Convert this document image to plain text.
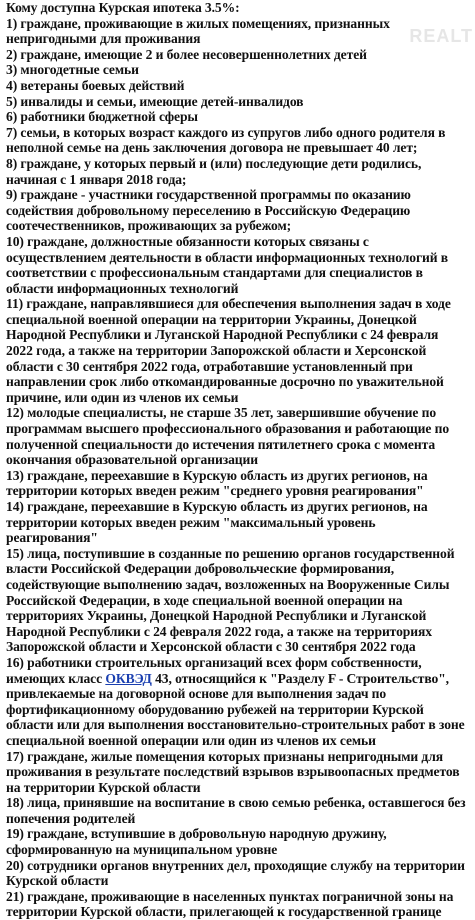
REALT
Кому доступна Курская ипотека 3.5%:
1) граждане, проживающие в жилых помещениях, признанных
непригодными для проживания
2) граждане, имеющие 2 и более несовершеннолетних детей
3) многодетные семьи
4) ветераны боевых действий
5) инвалиды и семьи, имеющие детей-инвалидов
6) работники бюджетной сферы
7) семьи, в которых возраст каждого из супругов либо одного родителя в
неполной семье на день заключения договора не превышает 40 лет;
8) граждане, у которых первый и (или) последующие дети родились,
начиная с 1 января 2018 года;
9) граждане - участники государственной программы по оказанию
содействия добровольному переселению в Российскую Федерацию
соотечественников, проживающих за рубежом;
10) граждане, должностные обязанности которых связаны с
осуществлением деятельности в области информационных технологий в
соответствии с профессиональным стандартами для специалистов в
области информационных технологий
11) граждане, направлявшиеся для обеспечения выполнения задач в ходе
специальной военной операции на территории Украины, Донецкой
Народной Республики и Луганской Народной Республики с 24 февраля
2022 года, а также на территории Запорожской области и Херсонской
области с 30 сентября 2022 года, отработавшие установленный при
направлении срок либо откомандированные досрочно по уважительной
причине, или один из членов их семьи
12) молодые специалисты, не старше 35 лет, завершившие обучение по
программам высшего профессионального образования и работающие по
полученной специальности до истечения пятилетнего срока с момента
окончания образовательной организации
13) граждане, переехавшие в Курскую область из других регионов, на
территории которых введен режим "среднего уровня реагирования"
14) граждане, переехавшие в Курскую область из других регионов, на
территории которых введен режим "максимальный уровень
реагирования"
15) лица, поступившие в созданные по решению органов государственной
власти Российской Федерации добровольческие формирования,
содействующие выполнению задач, возложенных на Вооруженные Силы
Российской Федерации, в ходе специальной военной операции на
территориях Украины, Донецкой Народной Республики и Луганской
Народной Республики с 24 февраля 2022 года, а также на территориях
Запорожской области и Херсонской области с 30 сентября 2022 года
16) работники строительных организаций всех форм собственности,
имеющих класс ОКВЭД 43, относящийся к "Разделу F - Строительство",
привлекаемые на договорной основе для выполнения задач по
фортификационному оборудованию рубежей на территории Курской
области или для выполнения восстановительно-строительных работ в зоне
специальной военной операции или один из членов их семьи
17) граждане, жилые помещения которых признаны непригодными для
проживания в результате последствий взрывов взрывоопасных предметов
на территории Курской области
18) лица, принявшие на воспитание в свою семью ребенка, оставшегося без
попечения родителей
19) граждане, вступившие в добровольную народную дружину,
сформированную на муниципальном уровне
20) сотрудники органов внутренних дел, проходящие службу на территории
Курской области
21) граждане, проживающие в населенных пунктах пограничной зоны на
территории Курской области, прилегающей к государственной границе
